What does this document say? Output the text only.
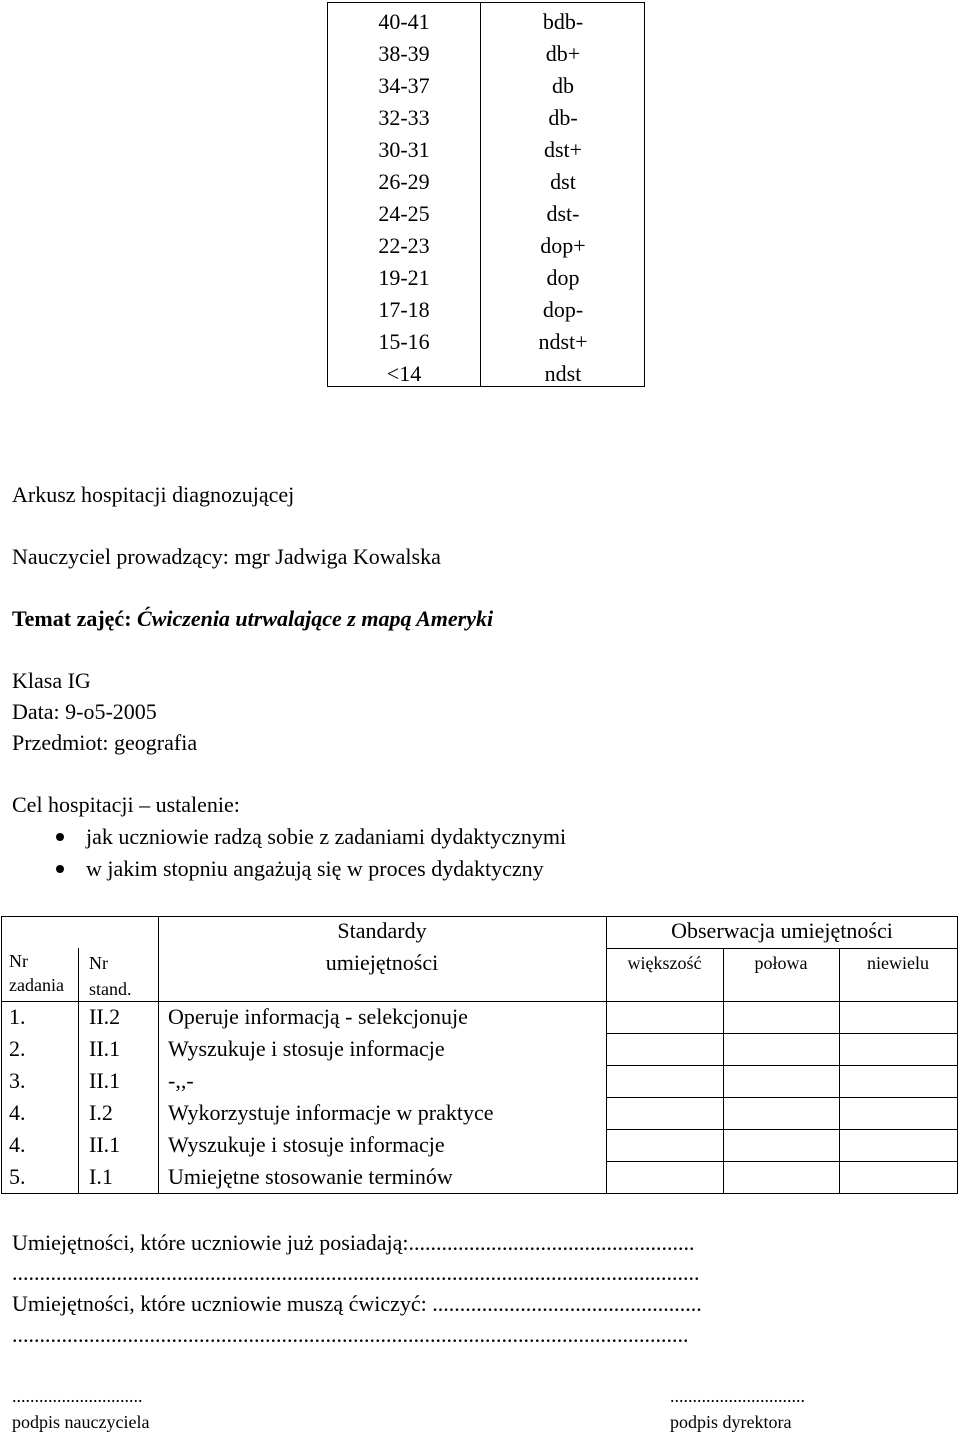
40-41	bdb-
38-39	db+
34-37	db
32-33	db-
30-31	dst+
26-29	dst
24-25	dst-
22-23	dop+
19-21	dop
17-18	dop-
15-16	ndst+
<14	ndst
Arkusz hospitacji diagnozującej
Nauczyciel prowadzący: mgr Jadwiga Kowalska
Temat zajęć: Ćwiczenia utrwalające z mapą Ameryki
Klasa IG
Data: 9-o5-2005
Przedmiot: geografia
Cel hospitacji – ustalenie:
jak uczniowie radzą sobie z zadaniami dydaktycznymi
w jakim stopniu angażują się w proces dydaktyczny
Standardy
umiejętności
Obserwacja umiejętności
Nr
zadania
Nr
stand.
większość	połowa	niewielu
1.	II.2 Operuje informacją - selekcjonuje
2.	II.1 Wyszukuje i stosuje informacje
3.	II.1 -,,-
4.	I.2	Wykorzystuje informacje w praktyce
4.	II.1 Wyszukuje i stosuje informacje
5.	I.1	Umiejętne stosowanie terminów
Umiejętności, które uczniowie już posiadają:....................................................
.............................................................................................................................
Umiejętności, które uczniowie muszą ćwiczyć: .................................................
...........................................................................................................................
.............................
podpis nauczyciela
..............................
podpis dyrektora
